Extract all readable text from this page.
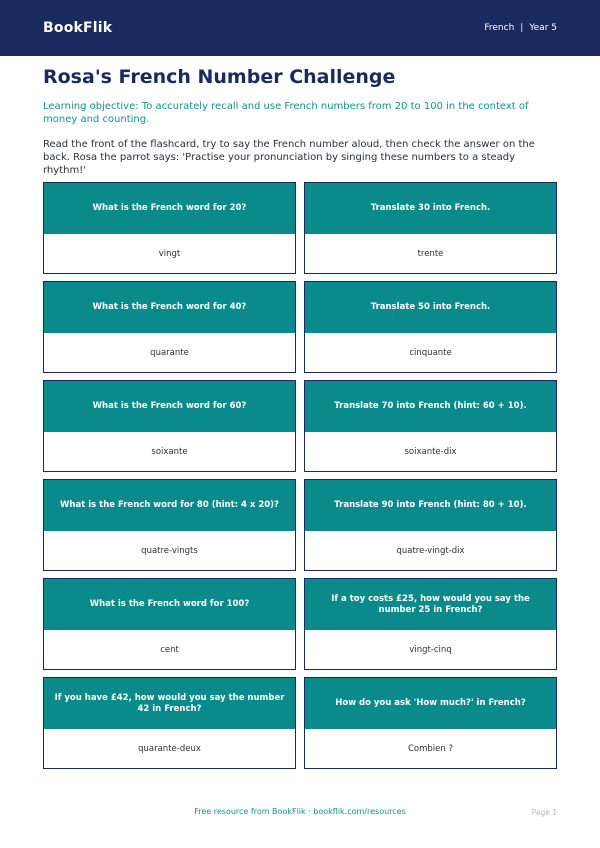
BookFlik	French | Year 5
Rosa's French Number Challenge
Learning objective: To accurately recall and use French numbers from 20 to 100 in the context of money and counting.
Read the front of the flashcard, try to say the French number aloud, then check the answer on the back. Rosa the parrot says: 'Practise your pronunciation by singing these numbers to a steady rhythm!'
What is the French word for 20?
vingt
Translate 30 into French.
trente
What is the French word for 40?
quarante
Translate 50 into French.
cinquante
What is the French word for 60?
soixante
Translate 70 into French (hint: 60 + 10).
soixante-dix
What is the French word for 80 (hint: 4 x 20)?
quatre-vingts
Translate 90 into French (hint: 80 + 10).
quatre-vingt-dix
What is the French word for 100?
cent
If a toy costs £25, how would you say the number 25 in French?
vingt-cinq
If you have £42, how would you say the number 42 in French?
quarante-deux
How do you ask 'How much?' in French?
Combien ?
Free resource from BookFlik · bookflik.com/resources	Page 1
